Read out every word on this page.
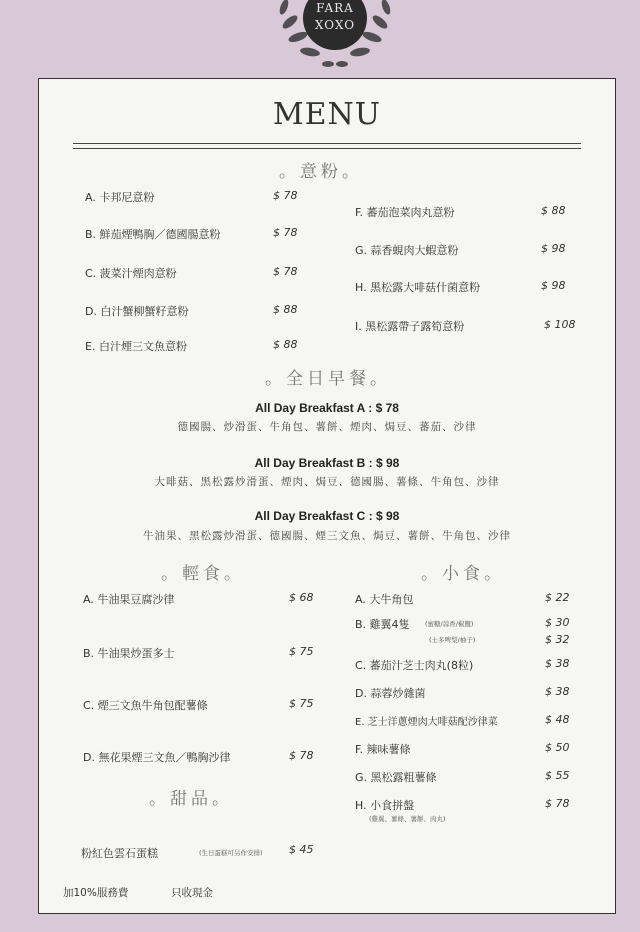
FARA
XOXO
MENU
。意粉。
A. 卡邦尼意粉	$ 78
B. 鮮茄煙鴨胸／德國腸意粉	$ 78
C. 菠菜汁煙肉意粉	$ 78
D. 白汁蟹柳蟹籽意粉	$ 88
E. 白汁煙三文魚意粉	$ 88
F. 蕃茄泡菜肉丸意粉	$ 88
G. 蒜香蜆肉大蝦意粉	$ 98
H. 黑松露大啡菇什菌意粉	$ 98
I. 黑松露帶子露筍意粉	$ 108
。全日早餐。
All Day Breakfast A : $ 78
德國腸、炒滑蛋、牛角包、薯餅、煙肉、焗豆、蕃茄、沙律
All Day Breakfast B : $ 98
大啡菇、黑松露炒滑蛋、煙肉、焗豆、德國腸、薯條、牛角包、沙律
All Day Breakfast C : $ 98
牛油果、黑松露炒滑蛋、德國腸、煙三文魚、焗豆、薯餅、牛角包、沙律
。輕食。
A. 牛油果豆腐沙律	$ 68
B. 牛油果炒蛋多士	$ 75
C. 煙三文魚牛角包配薯條	$ 75
D. 無花果煙三文魚／鴨胸沙律	$ 78
。小食。
A. 大牛角包	$ 22
B. 雞翼4隻 (蜜糖/蒜香/椒鹽)	$ 30
(士多啤梨/柚子)	$ 32
C. 蕃茄汁芝士肉丸(8粒)	$ 38
D. 蒜蓉炒雜菌	$ 38
E. 芝士洋蔥煙肉大啡菇配沙律菜	$ 48
F. 辣味薯條	$ 50
G. 黑松露粗薯條	$ 55
H. 小食拼盤	$ 78
(雞翼、薯條、薯餅、肉丸)
。甜品。
粉紅色雲石蛋糕	(生日蛋糕可另作安排) $ 45
加10%服務費	只收現金
